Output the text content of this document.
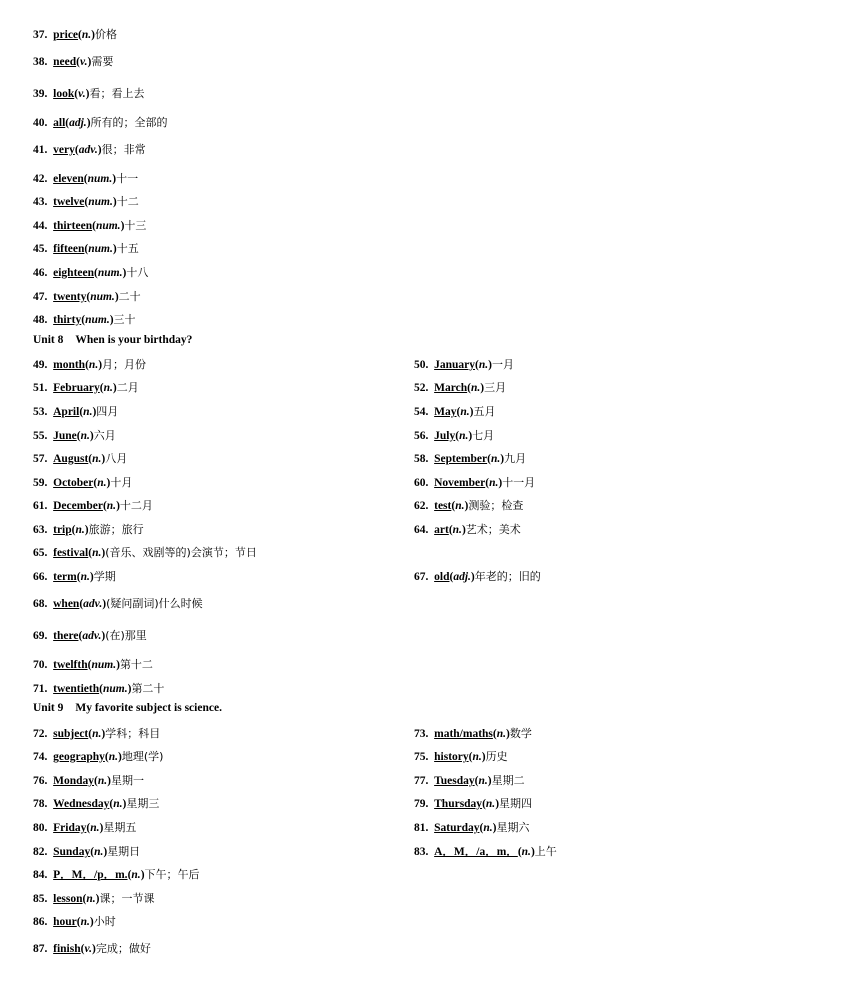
37.  price(n.)价格
38.  need(v.)需要
39.  look(v.)看；看上去
40.  all(adj.)所有的；全部的
41.  very(adv.)很；非常
42.  eleven(num.)十一
43.  twelve(num.)十二
44.  thirteen(num.)十三
45.  fifteen(num.)十五
46.  eighteen(num.)十八
47.  twenty(num.)二十
48.  thirty(num.)三十
Unit 8 When is your birthday?
49.  month(n.)月；月份	50.  January(n.)一月
51.  February(n.)二月	52.  March(n.)三月
53.  April(n.)四月	54.  May(n.)五月
55.  June(n.)六月	56.  July(n.)七月
57.  August(n.)八月	58.  September(n.)九月
59.  October(n.)十月	60.  November(n.)十一月
61.  December(n.)十二月	62.  test(n.)测验；检查
63.  trip(n.)旅游；旅行	64.  art(n.)艺术；美术
65.  festival(n.)(音乐、戏剧等的)会演节；节日
66.  term(n.)学期	67.  old(adj.)年老的；旧的
68.  when(adv.)(疑问副词)什么时候
69.  there(adv.)(在)那里
70.  twelfth(num.)第十二
71.  twentieth(num.)第二十
Unit 9 My favorite subject is science.
72.  subject(n.)学科；科目	73.  math/maths(n.)数学
74.  geography(n.)地理(学)	75.  history(n.)历史
76.  Monday(n.)星期一	77.  Tuesday(n.)星期二
78.  Wednesday(n.)星期三	79.  Thursday(n.)星期四
80.  Friday(n.)星期五	81.  Saturday(n.)星期六
82.  Sunday(n.)星期日	83.  A．M．/a．m．(n.)上午
84.  P．M．/p．m.(n.)下午；午后
85.  lesson(n.)课；一节课
86.  hour(n.)小时
87.  finish(v.)完成；做好
